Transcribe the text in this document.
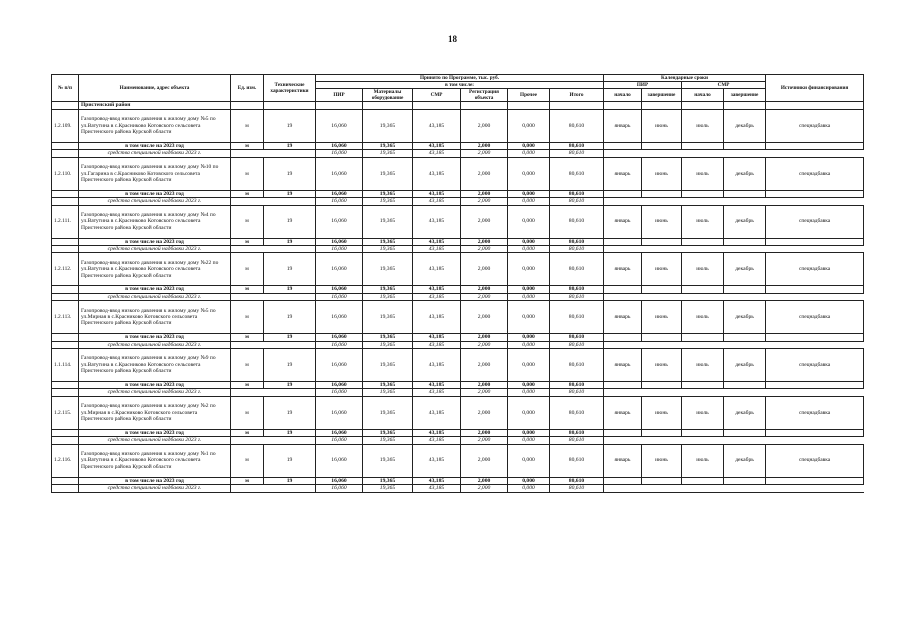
18
№ п/п	Наименование, адрес объекта	Ед. изм.	Технические характеристики	Принято по Программе, тыс. руб.						Календарные сроки				Источники финансирования
				в том числе:						ПИР		СМР		
				ПИР	Материалы оборудование	СМР	Регистрация объекта	Прочее	Итого	начало	завершение	начало	завершение	

	Пристенский район													
1.2.109.	Газопровод-ввод низкого давления к жилому дому №5 по ул.Ватутина в с.Красниково Котовского сельсовета Пристенского района Курской области	м	19	16,060	19,365	43,185	2,000	0,000	80,610	январь	июнь	июль	декабрь	спецнадбавка
	в том числе на 2023 год	м	19	16,060	19,365	43,185	2,000	0,000	80,610					
	средства специальной надбавки 2023 г.			16,060	19,365	43,185	2,000	0,000	80,610					
1.2.110.	Газопровод-ввод низкого давления к жилому дому №10 по ул.Гагарина в с.Красниково Котовского сельсовета Пристенского района Курской области	м	19	16,060	19,365	43,185	2,000	0,000	80,610	январь	июнь	июль	декабрь	спецнадбавка
	в том числе на 2023 год	м	19	16,060	19,365	43,185	2,000	0,000	80,610					
	средства специальной надбавки 2023 г.			16,060	19,365	43,185	2,000	0,000	80,610					
1.2.111.	Газопровод-ввод низкого давления к жилому дому №4 по ул.Ватутина в с.Красниково Котовского сельсовета Пристенского района Курской области	м	19	16,060	19,365	43,185	2,000	0,000	80,610	январь	июнь	июль	декабрь	спецнадбавка
	в том числе на 2023 год	м	19	16,060	19,365	43,185	2,000	0,000	80,610					
	средства специальной надбавки 2023 г.			16,060	19,365	43,185	2,000	0,000	80,610					
1.2.112.	Газопровод-ввод низкого давления к жилому дому №22 по ул.Ватутина в с.Красниково Котовского сельсовета Пристенского района Курской области	м	19	16,060	19,365	43,185	2,000	0,000	80,610	январь	июнь	июль	декабрь	спецнадбавка
	в том числе на 2023 год	м	19	16,060	19,365	43,185	2,000	0,000	80,610					
	средства специальной надбавки 2023 г.			16,060	19,365	43,185	2,000	0,000	80,610					
1.2.113.	Газопровод-ввод низкого давления к жилому дому №5 по ул.Мирная в с.Красниково Котовского сельсовета Пристенского района Курской области	м	19	16,060	19,365	43,185	2,000	0,000	80,610	январь	июнь	июль	декабрь	спецнадбавка
	в том числе на 2023 год	м	19	16,060	19,365	43,185	2,000	0,000	80,610					
	средства специальной надбавки 2023 г.			16,060	19,365	43,185	2,000	0,000	80,610					
1.1.114.	Газопровод-ввод низкого давления к жилому дому №9 по ул.Ватутина в с.Красниково Котовского сельсовета Пристенского района Курской области	м	19	16,060	19,365	43,185	2,000	0,000	80,610	январь	июнь	июль	декабрь	спецнадбавка
	в том числе на 2023 год	м	19	16,060	19,365	43,185	2,000	0,000	80,610					
	средства специальной надбавки 2023 г.			16,060	19,365	43,185	2,000	0,000	80,610					
1.2.115.	Газопровод-ввод низкого давления к жилому дому №2 по ул.Мирная в с.Красниково Котовского сельсовета Пристенского района Курской области	м	19	16,060	19,365	43,185	2,000	0,000	80,610	январь	июнь	июль	декабрь	спецнадбавка
	в том числе на 2023 год	м	19	16,060	19,365	43,185	2,000	0,000	80,610					
	средства специальной надбавки 2023 г.			16,060	19,365	43,185	2,000	0,000	80,610					
1.2.116.	Газопровод-ввод низкого давления к жилому дому №1 по ул.Ватутина в с.Красниково Котовского сельсовета Пристенского района Курской области	м	19	16,060	19,365	43,185	2,000	0,000	80,610	январь	июнь	июль	декабрь	спецнадбавка
	в том числе на 2023 год	м	19	16,060	19,365	43,185	2,000	0,000	80,610					
	средства специальной надбавки 2023 г.			16,060	19,365	43,185	2,000	0,000	80,610					
